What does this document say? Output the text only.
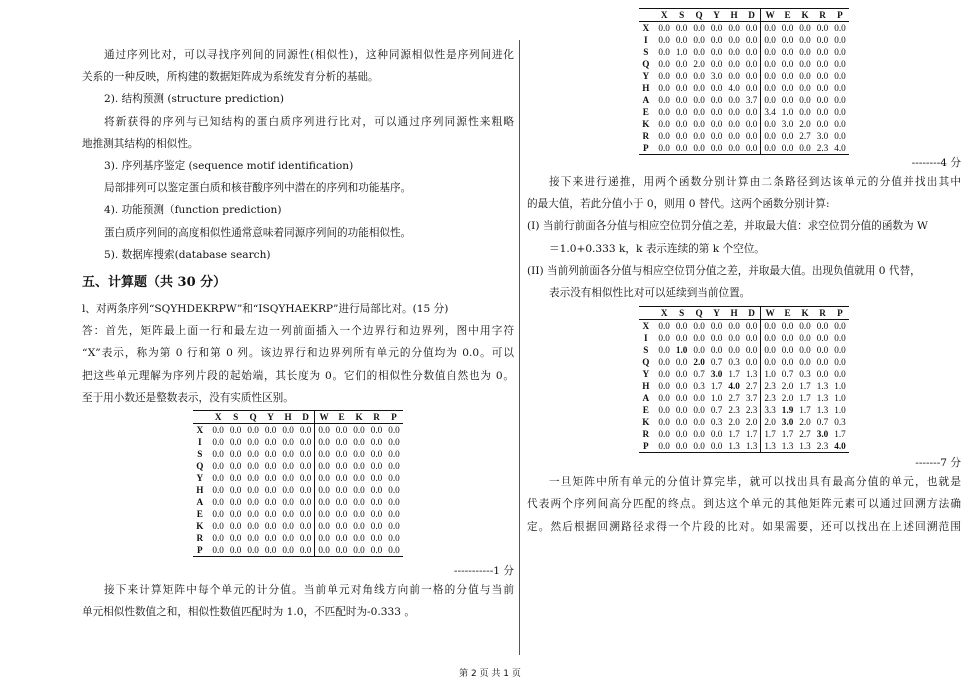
通过序列比对，可以寻找序列间的同源性(相似性)，这种同源相似性是序列间进化
关系的一种反映，所构建的数据矩阵成为系统发育分析的基础。
2). 结构预测 (structure prediction)
将新获得的序列与已知结构的蛋白质序列进行比对，可以通过序列同源性来粗略
地推测其结构的相似性。
3). 序列基序鉴定 (sequence motif identification)
局部排列可以鉴定蛋白质和核苷酸序列中潜在的序列和功能基序。
4). 功能预测（function prediction)
蛋白质序列间的高度相似性通常意味着同源序列间的功能相似性。
5). 数据库搜索(database search)
五、计算题（共 30 分）
l、对两条序列“SQYHDEKRPW”和“ISQYHAEKRP”进行局部比对。(15 分)
答：首先，矩阵最上面一行和最左边一列前面插入一个边界行和边界列，图中用字符
“X”表示，称为第 0 行和第 0 列。该边界行和边界列所有单元的分值均为 0.0。可以
把这些单元理解为序列片段的起始端，其长度为 0。它们的相似性分数值自然也为 0。
至于用小数还是整数表示，没有实质性区别。
	X	S	Q	Y	H	D	W	E	K	R	P
X	0.0	0.0	0.0	0.0	0.0	0.0	0.0	0.0	0.0	0.0	0.0
I	0.0	0.0	0.0	0.0	0.0	0.0	0.0	0.0	0.0	0.0	0.0
S	0.0	0.0	0.0	0.0	0.0	0.0	0.0	0.0	0.0	0.0	0.0
Q	0.0	0.0	0.0	0.0	0.0	0.0	0.0	0.0	0.0	0.0	0.0
Y	0.0	0.0	0.0	0.0	0.0	0.0	0.0	0.0	0.0	0.0	0.0
H	0.0	0.0	0.0	0.0	0.0	0.0	0.0	0.0	0.0	0.0	0.0
A	0.0	0.0	0.0	0.0	0.0	0.0	0.0	0.0	0.0	0.0	0.0
E	0.0	0.0	0.0	0.0	0.0	0.0	0.0	0.0	0.0	0.0	0.0
K	0.0	0.0	0.0	0.0	0.0	0.0	0.0	0.0	0.0	0.0	0.0
R	0.0	0.0	0.0	0.0	0.0	0.0	0.0	0.0	0.0	0.0	0.0
P	0.0	0.0	0.0	0.0	0.0	0.0	0.0	0.0	0.0	0.0	0.0
-----------1 分
接下来计算矩阵中每个单元的计分值。当前单元对角线方向前一格的分值与当前
单元相似性数值之和，相似性数值匹配时为 1.0，不匹配时为-0.333 。
	X	S	Q	Y	H	D	W	E	K	R	P
X	0.0	0.0	0.0	0.0	0.0	0.0	0.0	0.0	0.0	0.0	0.0
I	0.0	0.0	0.0	0.0	0.0	0.0	0.0	0.0	0.0	0.0	0.0
S	0.0	1.0	0.0	0.0	0.0	0.0	0.0	0.0	0.0	0.0	0.0
Q	0.0	0.0	2.0	0.0	0.0	0.0	0.0	0.0	0.0	0.0	0.0
Y	0.0	0.0	0.0	3.0	0.0	0.0	0.0	0.0	0.0	0.0	0.0
H	0.0	0.0	0.0	0.0	4.0	0.0	0.0	0.0	0.0	0.0	0.0
A	0.0	0.0	0.0	0.0	0.0	3.7	0.0	0.0	0.0	0.0	0.0
E	0.0	0.0	0.0	0.0	0.0	0.0	3.4	1.0	0.0	0.0	0.0
K	0.0	0.0	0.0	0.0	0.0	0.0	0.0	3.0	2.0	0.0	0.0
R	0.0	0.0	0.0	0.0	0.0	0.0	0.0	0.0	2.7	3.0	0.0
P	0.0	0.0	0.0	0.0	0.0	0.0	0.0	0.0	0.0	2.3	4.0
--------4 分
接下来进行递推，用两个函数分别计算由二条路径到达该单元的分值并找出其中
的最大值，若此分值小于 0，则用 0 替代。这两个函数分别计算:
(I) 当前行前面各分值与相应空位罚分值之差，并取最大值：求空位罚分值的函数为 W
＝1.0+0.333 k，k 表示连续的第 k 个空位。
(II) 当前列前面各分值与相应空位罚分值之差，并取最大值。出现负值就用 0 代替，
表示没有相似性比对可以延续到当前位置。
	X	S	Q	Y	H	D	W	E	K	R	P
X	0.0	0.0	0.0	0.0	0.0	0.0	0.0	0.0	0.0	0.0	0.0
I	0.0	0.0	0.0	0.0	0.0	0.0	0.0	0.0	0.0	0.0	0.0
S	0.0	1.0	0.0	0.0	0.0	0.0	0.0	0.0	0.0	0.0	0.0
Q	0.0	0.0	2.0	0.7	0.3	0.0	0.0	0.0	0.0	0.0	0.0
Y	0.0	0.0	0.7	3.0	1.7	1.3	1.0	0.7	0.3	0.0	0.0
H	0.0	0.0	0.3	1.7	4.0	2.7	2.3	2.0	1.7	1.3	1.0
A	0.0	0.0	0.0	1.0	2.7	3.7	2.3	2.0	1.7	1.3	1.0
E	0.0	0.0	0.0	0.7	2.3	2.3	3.3	1.9	1.7	1.3	1.0
K	0.0	0.0	0.0	0.3	2.0	2.0	2.0	3.0	2.0	0.7	0.3
R	0.0	0.0	0.0	0.0	1.7	1.7	1.7	1.7	2.7	3.0	1.7
P	0.0	0.0	0.0	0.0	1.3	1.3	1.3	1.3	1.3	2.3	4.0
-------7 分
一旦矩阵中所有单元的分值计算完毕，就可以找出具有最高分值的单元，也就是
代表两个序列间高分匹配的终点。到达这个单元的其他矩阵元素可以通过回溯方法确
定。然后根据回溯路径求得一个片段的比对。如果需要，还可以找出在上述回溯范围
第 2 页 共 1 页
